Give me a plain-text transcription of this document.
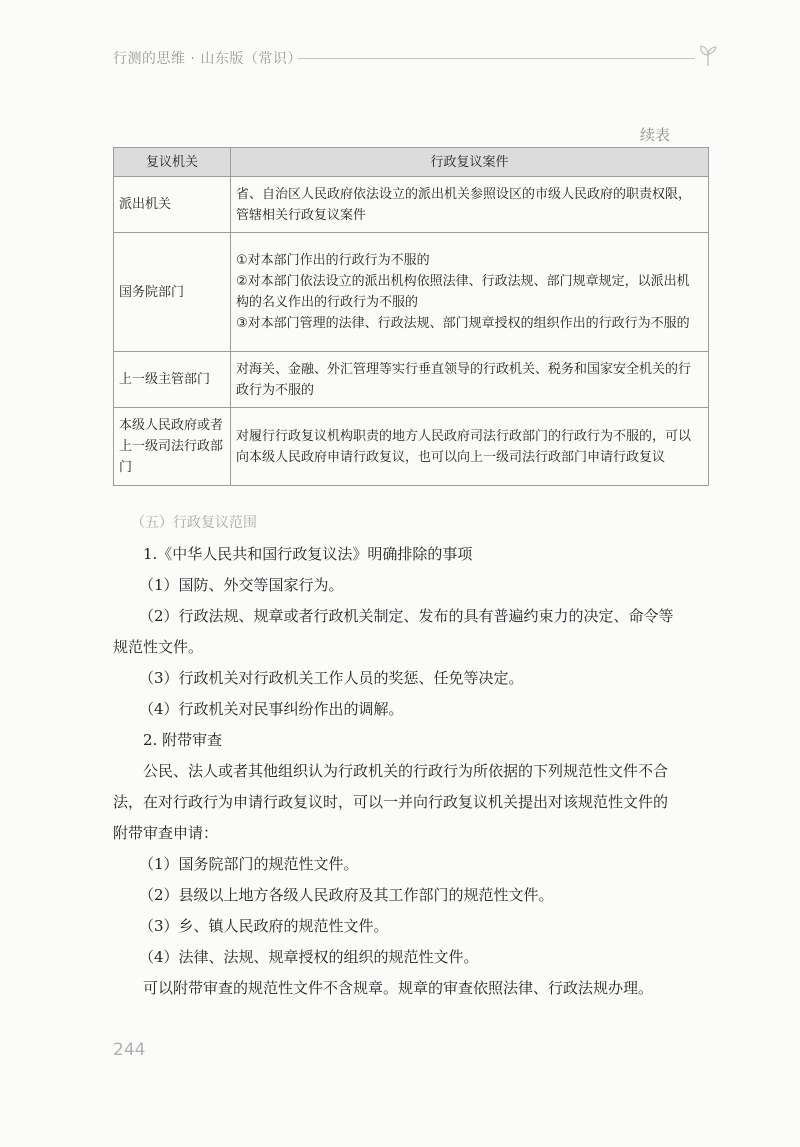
行测的思维 · 山东版（常识）
续表
复议机关	行政复议案件
派出机关	省、自治区人民政府依法设立的派出机关参照设区的市级人民政府的职责权限，管辖相关行政复议案件

国务院部门	①对本部门作出的行政行为不服的
②对本部门依法设立的派出机构依照法律、行政法规、部门规章规定，以派出机构的名义作出的行政行为不服的
③对本部门管理的法律、行政法规、部门规章授权的组织作出的行政行为不服的

上一级主管部门	对海关、金融、外汇管理等实行垂直领导的行政机关、税务和国家安全机关的行政行为不服的

本级人民政府或者上一级司法行政部门	对履行行政复议机构职责的地方人民政府司法行政部门的行政行为不服的，可以向本级人民政府申请行政复议，也可以向上一级司法行政部门申请行政复议

（五）行政复议范围

1.《中华人民共和国行政复议法》明确排除的事项

（1）国防、外交等国家行为。

（2）行政法规、规章或者行政机关制定、发布的具有普遍约束力的决定、命令等

规范性文件。

（3）行政机关对行政机关工作人员的奖惩、任免等决定。

（4）行政机关对民事纠纷作出的调解。

2. 附带审查

公民、法人或者其他组织认为行政机关的行政行为所依据的下列规范性文件不合

法，在对行政行为申请行政复议时，可以一并向行政复议机关提出对该规范性文件的

附带审查申请：

（1）国务院部门的规范性文件。

（2）县级以上地方各级人民政府及其工作部门的规范性文件。

（3）乡、镇人民政府的规范性文件。

（4）法律、法规、规章授权的组织的规范性文件。

可以附带审查的规范性文件不含规章。规章的审查依照法律、行政法规办理。

244
